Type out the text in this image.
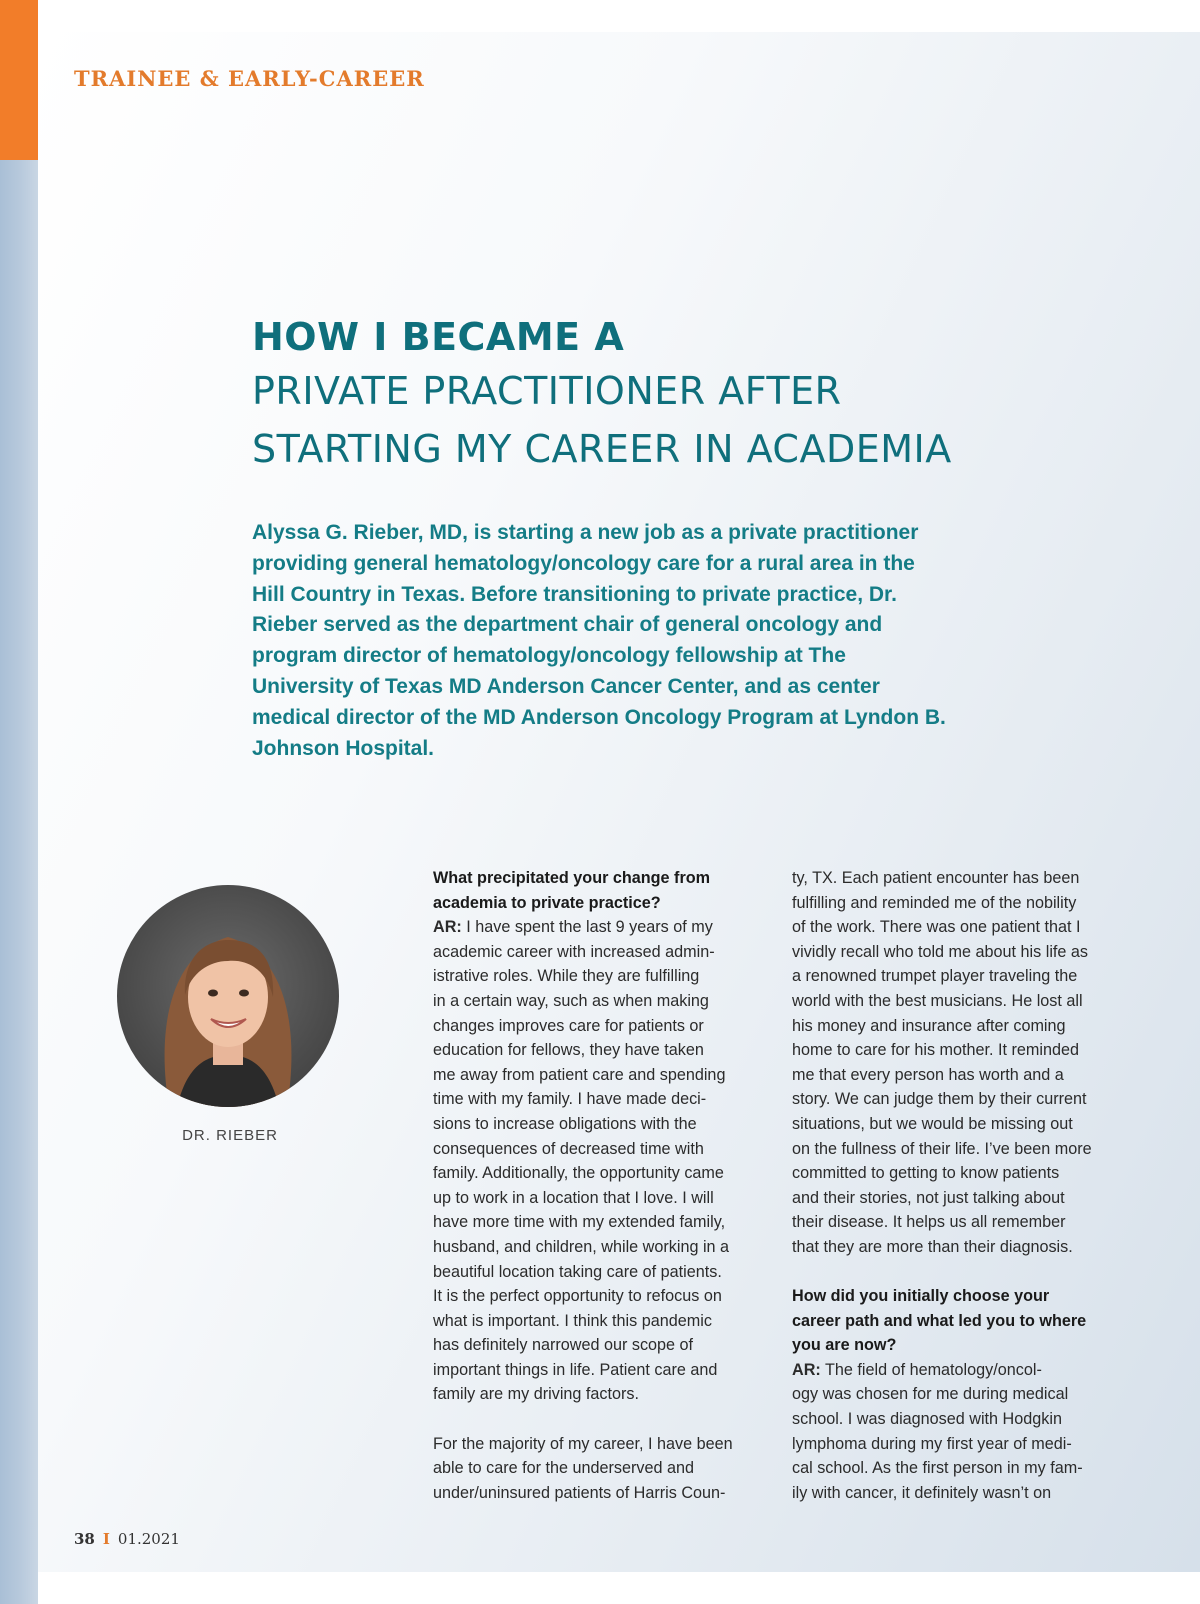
TRAINEE & EARLY-CAREER
HOW I BECAME A
PRIVATE PRACTITIONER AFTER
STARTING MY CAREER IN ACADEMIA
Alyssa G. Rieber, MD, is starting a new job as a private practitioner providing general hematology/oncology care for a rural area in the Hill Country in Texas. Before transitioning to private practice, Dr. Rieber served as the department chair of general oncology and program director of hematology/oncology fellowship at The University of Texas MD Anderson Cancer Center, and as center medical director of the MD Anderson Oncology Program at Lyndon B. Johnson Hospital.
DR. RIEBER

What precipitated your change from

academia to private practice?

AR: I have spent the last 9 years of my

academic career with increased admin-

istrative roles. While they are fulfilling

in a certain way, such as when making

changes improves care for patients or

education for fellows, they have taken

me away from patient care and spending

time with my family. I have made deci-

sions to increase obligations with the

consequences of decreased time with

family. Additionally, the opportunity came

up to work in a location that I love. I will

have more time with my extended family,

husband, and children, while working in a

beautiful location taking care of patients.

It is the perfect opportunity to refocus on

what is important. I think this pandemic

has definitely narrowed our scope of

important things in life. Patient care and

family are my driving factors.

For the majority of my career, I have been

able to care for the underserved and

under/uninsured patients of Harris Coun-

ty, TX. Each patient encounter has been

fulfilling and reminded me of the nobility

of the work. There was one patient that I

vividly recall who told me about his life as

a renowned trumpet player traveling the

world with the best musicians. He lost all

his money and insurance after coming

home to care for his mother. It reminded

me that every person has worth and a

story. We can judge them by their current

situations, but we would be missing out

on the fullness of their life. I’ve been more

committed to getting to know patients

and their stories, not just talking about

their disease. It helps us all remember

that they are more than their diagnosis.

How did you initially choose your

career path and what led you to where

you are now?

AR: The field of hematology/oncol-

ogy was chosen for me during medical

school. I was diagnosed with Hodgkin

lymphoma during my first year of medi-

cal school. As the first person in my fam-

ily with cancer, it definitely wasn’t on

38 I 01.2021
